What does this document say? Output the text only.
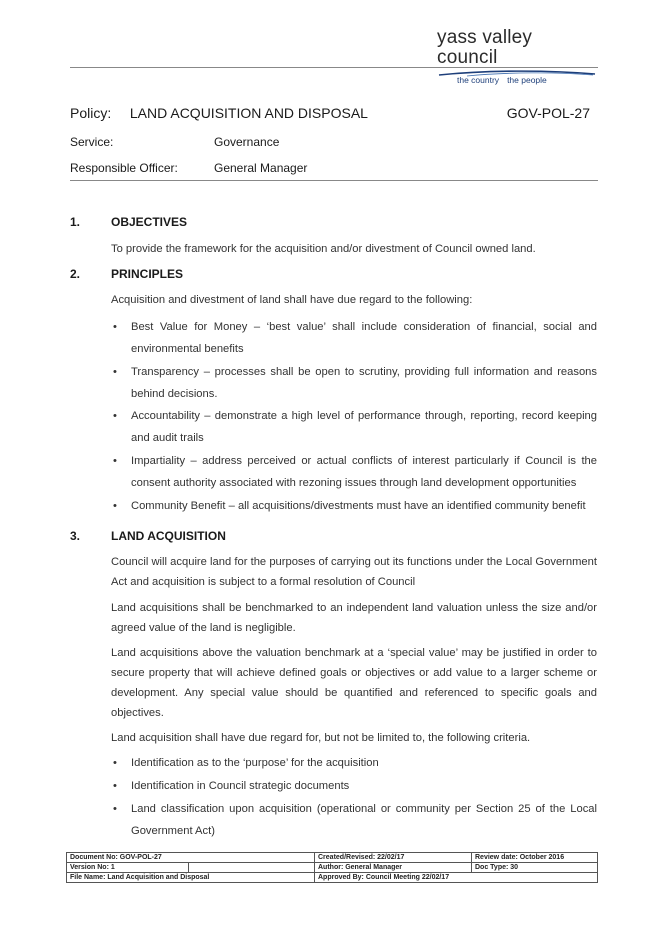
yass valley council
the country the people
Policy: LAND ACQUISITION AND DISPOSAL	GOV-POL-27
Service:	Governance
Responsible Officer:	General Manager
1.	OBJECTIVES
To provide the framework for the acquisition and/or divestment of Council owned land.
2.	PRINCIPLES
Acquisition and divestment of land shall have due regard to the following:
• Best Value for Money – ‘best value’ shall include consideration of financial, social and environmental benefits
• Transparency – processes shall be open to scrutiny, providing full information and reasons behind decisions.
• Accountability – demonstrate a high level of performance through, reporting, record keeping and audit trails
• Impartiality – address perceived or actual conflicts of interest particularly if Council is the consent authority associated with rezoning issues through land development opportunities
• Community Benefit – all acquisitions/divestments must have an identified community benefit
3.	LAND ACQUISITION
Council will acquire land for the purposes of carrying out its functions under the Local Government Act and acquisition is subject to a formal resolution of Council
Land acquisitions shall be benchmarked to an independent land valuation unless the size and/or agreed value of the land is negligible.
Land acquisitions above the valuation benchmark at a ‘special value’ may be justified in order to secure property that will achieve defined goals or objectives or add value to a larger scheme or development. Any special value should be quantified and referenced to specific goals and objectives.
Land acquisition shall have due regard for, but not be limited to, the following criteria.
• Identification as to the ‘purpose’ for the acquisition
• Identification in Council strategic documents
• Land classification upon acquisition (operational or community per Section 25 of the Local Government Act)
Document No: GOV-POL-27		Created/Revised: 22/02/17	Review date: October 2016
Version No: 1		Author: General Manager	Doc Type: 30
File Name: Land Acquisition and Disposal		Approved By: Council Meeting 22/02/17	
